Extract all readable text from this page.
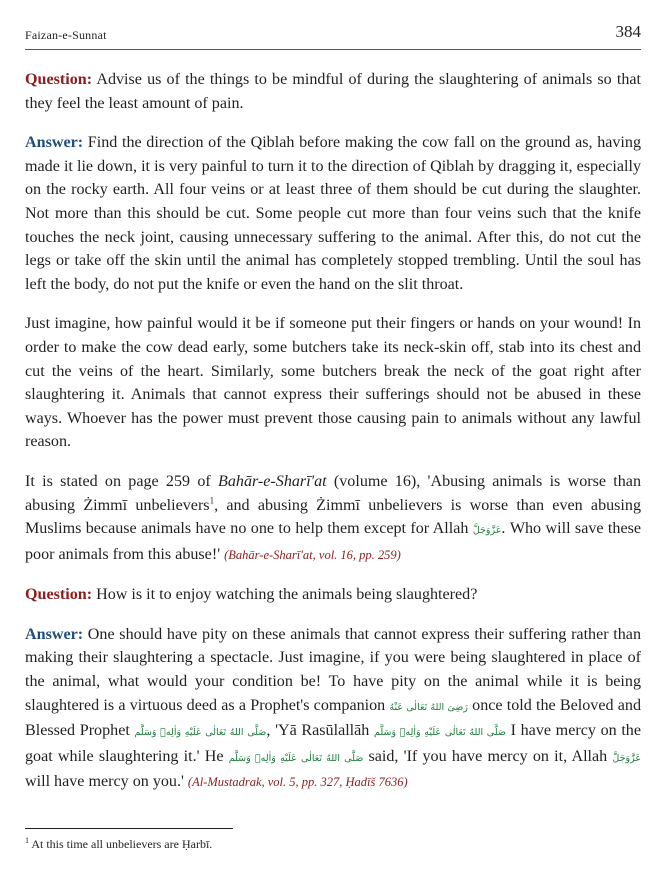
Faizan-e-Sunnat	384

Question: Advise us of the things to be mindful of during the slaughtering of animals so that they feel the least amount of pain.

Answer: Find the direction of the Qiblah before making the cow fall on the ground as, having made it lie down, it is very painful to turn it to the direction of Qiblah by dragging it, especially on the rocky earth. All four veins or at least three of them should be cut during the slaughter. Not more than this should be cut. Some people cut more than four veins such that the knife touches the neck joint, causing unnecessary suffering to the animal. After this, do not cut the legs or take off the skin until the animal has completely stopped trembling. Until the soul has left the body, do not put the knife or even the hand on the slit throat.

Just imagine, how painful would it be if someone put their fingers or hands on your wound! In order to make the cow dead early, some butchers take its neck-skin off, stab into its chest and cut the veins of the heart. Similarly, some butchers break the neck of the goat right after slaughtering it. Animals that cannot express their sufferings should not be abused in these ways. Whoever has the power must prevent those causing pain to animals without any lawful reason.

It is stated on page 259 of Bahār-e-Sharī'at (volume 16), 'Abusing animals is worse than abusing Żimmī unbelievers$^1$, and abusing Żimmī unbelievers is worse than even abusing Muslims because animals have no one to help them except for Allah عَزَّوَجَلَّ. Who will save these poor animals from this abuse!' (Bahār-e-Sharī'at, vol. 16, pp. 259)

Question: How is it to enjoy watching the animals being slaughtered?

Answer: One should have pity on these animals that cannot express their suffering rather than making their slaughtering a spectacle. Just imagine, if you were being slaughtered in place of the animal, what would your condition be! To have pity on the animal while it is being slaughtered is a virtuous deed as a Prophet's companion رَضِیَ اللهُ تَعَالٰی عَنْهُ once told the Beloved and Blessed Prophet صَلَّى اللهُ تَعَالٰى عَلَيْهِ وَاٰلِهٖ وَسَلَّم, 'Yā Rasūlallāh صَلَّى اللهُ تَعَالٰى عَلَيْهِ وَاٰلِهٖ وَسَلَّم I have mercy on the goat while slaughtering it.' He صَلَّى اللهُ تَعَالٰى عَلَيْهِ وَاٰلِهٖ وَسَلَّم said, 'If you have mercy on it, Allah عَزَّوَجَلَّ will have mercy on you.' (Al-Mustadrak, vol. 5, pp. 327, Ḥadīš 7636)

$^1$ At this time all unbelievers are Ḥarbī.
